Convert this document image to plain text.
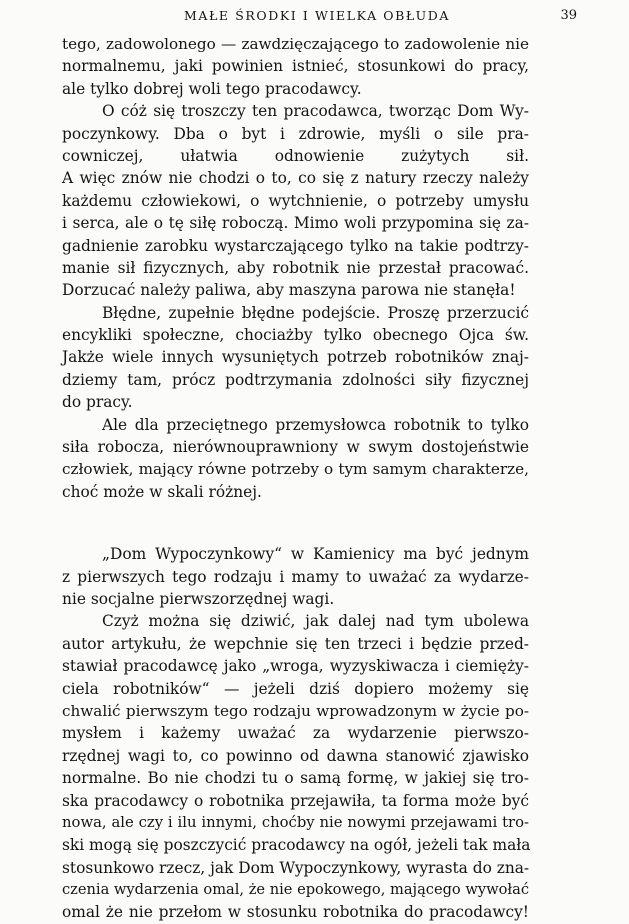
MAŁE ŚRODKI I WIELKA OBŁUDA	39
tego, zadowolonego — zawdzięczającego to zadowolenie nie
normalnemu, jaki powinien istnieć, stosunkowi do pracy,
ale tylko dobrej woli tego pracodawcy.
O cóż się troszczy ten pracodawca, tworząc Dom Wy-
poczynkowy. Dba o byt i zdrowie, myśli o sile pra-
cowniczej, ułatwia odnowienie zużytych sił.
A więc znów nie chodzi o to, co się z natury rzeczy należy
każdemu człowiekowi, o wytchnienie, o potrzeby umysłu
i serca, ale o tę siłę roboczą. Mimo woli przypomina się za-
gadnienie zarobku wystarczającego tylko na takie podtrzy-
manie sił fizycznych, aby robotnik nie przestał pracować.
Dorzucać należy paliwa, aby maszyna parowa nie stanęła!
Błędne, zupełnie błędne podejście. Proszę przerzucić
encykliki społeczne, chociażby tylko obecnego Ojca św.
Jakże wiele innych wysuniętych potrzeb robotników znaj-
dziemy tam, prócz podtrzymania zdolności siły fizycznej
do pracy.
Ale dla przeciętnego przemysłowca robotnik to tylko
siła robocza, nierównouprawniony w swym dostojeństwie
człowiek, mający równe potrzeby o tym samym charakterze,
choć może w skali różnej.
„Dom Wypoczynkowy“ w Kamienicy ma być jednym
z pierwszych tego rodzaju i mamy to uważać za wydarze-
nie socjalne pierwszorzędnej wagi.
Czyż można się dziwić, jak dalej nad tym ubolewa
autor artykułu, że wepchnie się ten trzeci i będzie przed-
stawiał pracodawcę jako „wroga, wyzyskiwacza i ciemięży-
ciela robotników“ — jeżeli dziś dopiero możemy się
chwalić pierwszym tego rodzaju wprowadzonym w życie po-
mysłem i każemy uważać za wydarzenie pierwszo-
rzędnej wagi to, co powinno od dawna stanowić zjawisko
normalne. Bo nie chodzi tu o samą formę, w jakiej się tro-
ska pracodawcy o robotnika przejawiła, ta forma może być
nowa, ale czy i ilu innymi, choćby nie nowymi przejawami tro-
ski mogą się poszczycić pracodawcy na ogół, jeżeli tak mała
stosunkowo rzecz, jak Dom Wypoczynkowy, wyrasta do zna-
czenia wydarzenia omal, że nie epokowego, mającego wywołać
omal że nie przełom w stosunku robotnika do pracodawcy!
